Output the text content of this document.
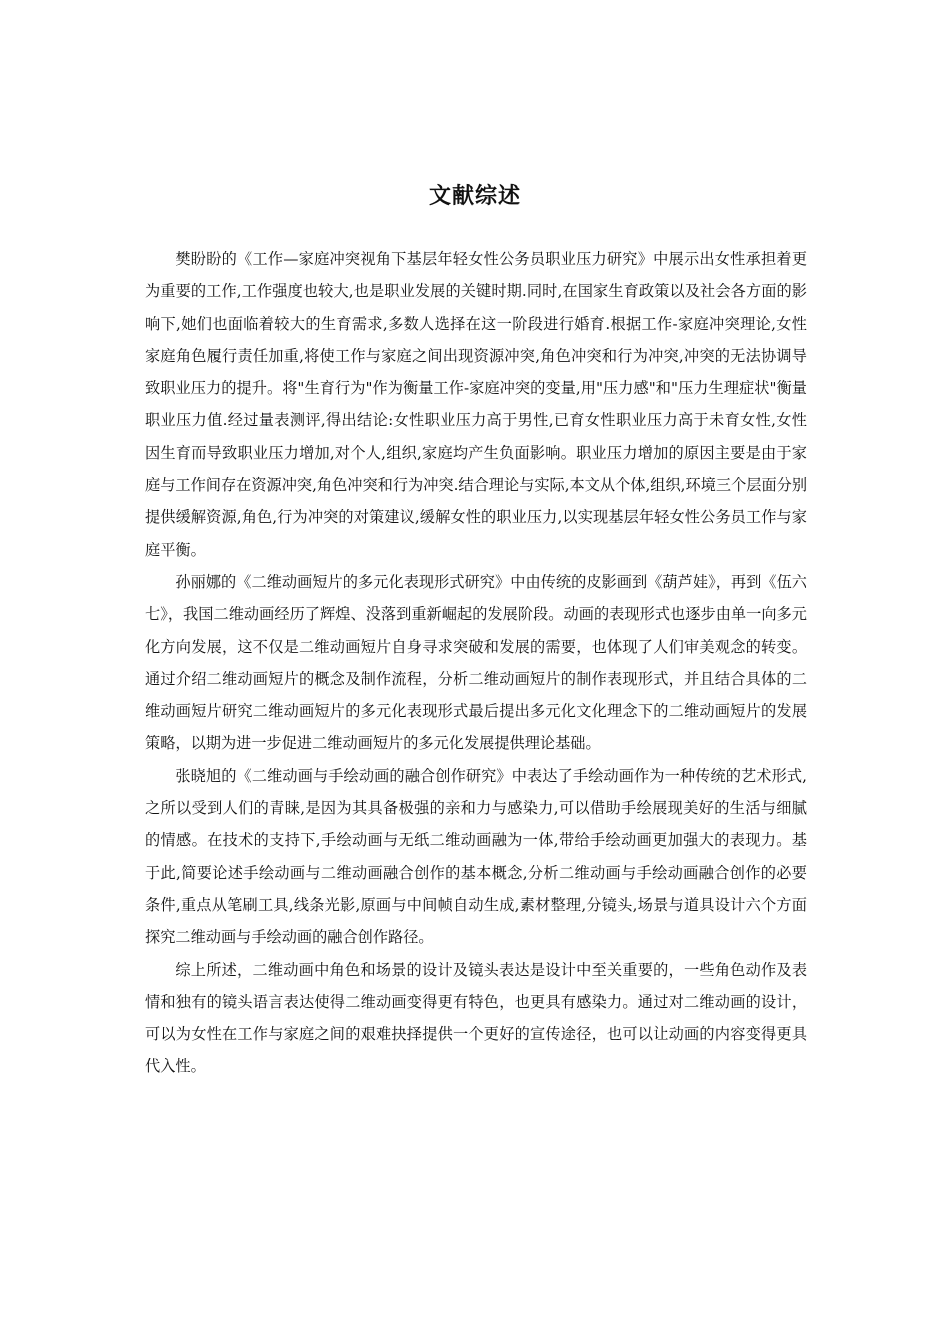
文献综述

樊盼盼的《工作—家庭冲突视角下基层年轻女性公务员职业压力研究》中展示出女性承担着更为重要的工作,工作强度也较大,也是职业发展的关键时期.同时,在国家生育政策以及社会各方面的影响下,她们也面临着较大的生育需求,多数人选择在这一阶段进行婚育.根据工作-家庭冲突理论,女性家庭角色履行责任加重,将使工作与家庭之间出现资源冲突,角色冲突和行为冲突,冲突的无法协调导致职业压力的提升。将"生育行为"作为衡量工作-家庭冲突的变量,用"压力感"和"压力生理症状"衡量职业压力值.经过量表测评,得出结论:女性职业压力高于男性,已育女性职业压力高于未育女性,女性因生育而导致职业压力增加,对个人,组织,家庭均产生负面影响。职业压力增加的原因主要是由于家庭与工作间存在资源冲突,角色冲突和行为冲突.结合理论与实际,本文从个体,组织,环境三个层面分别提供缓解资源,角色,行为冲突的对策建议,缓解女性的职业压力,以实现基层年轻女性公务员工作与家庭平衡。

孙丽娜的《二维动画短片的多元化表现形式研究》中由传统的皮影画到《葫芦娃》，再到《伍六七》，我国二维动画经历了辉煌、没落到重新崛起的发展阶段。动画的表现形式也逐步由单一向多元化方向发展，这不仅是二维动画短片自身寻求突破和发展的需要，也体现了人们审美观念的转变。通过介绍二维动画短片的概念及制作流程，分析二维动画短片的制作表现形式，并且结合具体的二维动画短片研究二维动画短片的多元化表现形式最后提出多元化文化理念下的二维动画短片的发展策略，以期为进一步促进二维动画短片的多元化发展提供理论基础。

张晓旭的《二维动画与手绘动画的融合创作研究》中表达了手绘动画作为一种传统的艺术形式,之所以受到人们的青睐,是因为其具备极强的亲和力与感染力,可以借助手绘展现美好的生活与细腻的情感。在技术的支持下,手绘动画与无纸二维动画融为一体,带给手绘动画更加强大的表现力。基于此,简要论述手绘动画与二维动画融合创作的基本概念,分析二维动画与手绘动画融合创作的必要条件,重点从笔刷工具,线条光影,原画与中间帧自动生成,素材整理,分镜头,场景与道具设计六个方面探究二维动画与手绘动画的融合创作路径。

综上所述，二维动画中角色和场景的设计及镜头表达是设计中至关重要的，一些角色动作及表情和独有的镜头语言表达使得二维动画变得更有特色，也更具有感染力。通过对二维动画的设计，可以为女性在工作与家庭之间的艰难抉择提供一个更好的宣传途径，也可以让动画的内容变得更具代入性。
